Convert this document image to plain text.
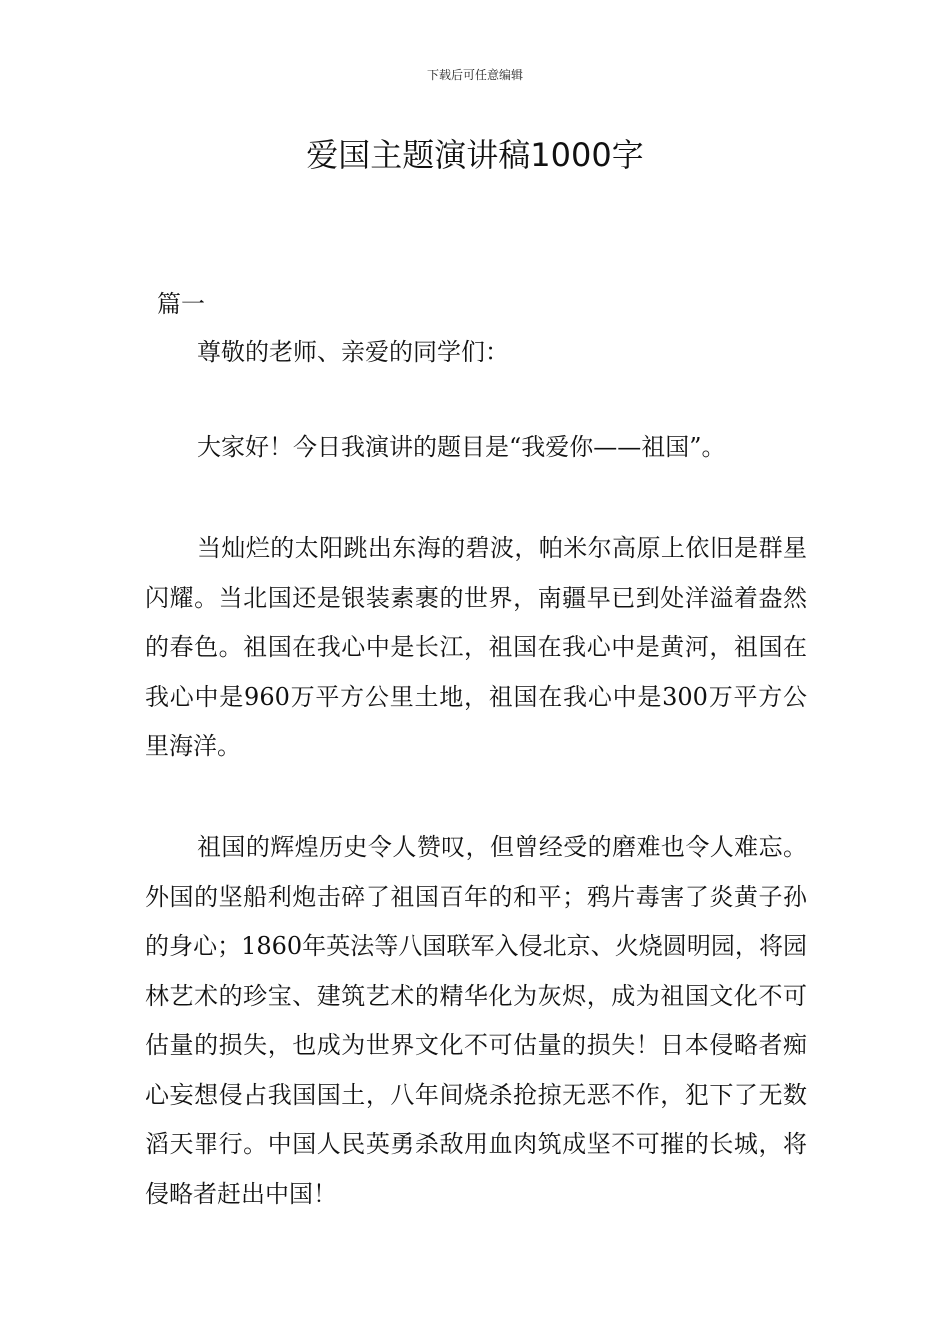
下载后可任意编辑
爱国主题演讲稿1000字
篇一

尊敬的老师、亲爱的同学们：

大家好！今日我演讲的题目是“我爱你——祖国”。

当灿烂的太阳跳出东海的碧波，帕米尔高原上依旧是群星闪耀。当北国还是银装素裹的世界，南疆早已到处洋溢着盎然的春色。祖国在我心中是长江，祖国在我心中是黄河，祖国在我心中是960万平方公里土地，祖国在我心中是300万平方公里海洋。

祖国的辉煌历史令人赞叹，但曾经受的磨难也令人难忘。外国的坚船利炮击碎了祖国百年的和平；鸦片毒害了炎黄子孙的身心；1860年英法等八国联军入侵北京、火烧圆明园，将园林艺术的珍宝、建筑艺术的精华化为灰烬，成为祖国文化不可估量的损失，也成为世界文化不可估量的损失！日本侵略者痴心妄想侵占我国国土，八年间烧杀抢掠无恶不作，犯下了无数滔天罪行。中国人民英勇杀敌用血肉筑成坚不可摧的长城，将侵略者赶出中国！
